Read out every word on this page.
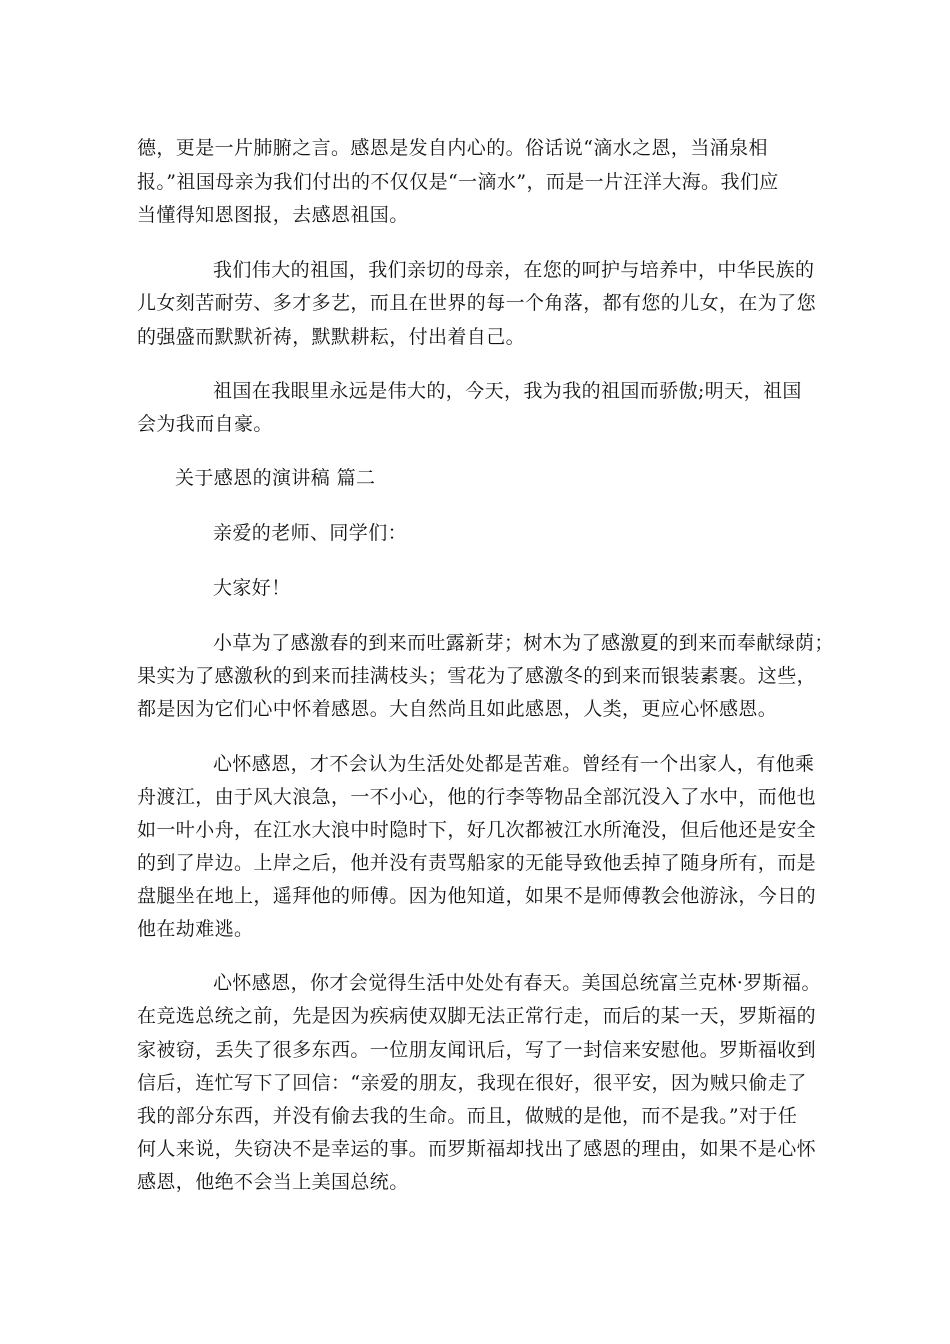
德，更是一片肺腑之言。感恩是发自内心的。俗话说“滴水之恩，当涌泉相
报。”祖国母亲为我们付出的不仅仅是“一滴水”，而是一片汪洋大海。我们应
当懂得知恩图报，去感恩祖国。
我们伟大的祖国，我们亲切的母亲，在您的呵护与培养中，中华民族的
儿女刻苦耐劳、多才多艺，而且在世界的每一个角落，都有您的儿女，在为了您
的强盛而默默祈祷，默默耕耘，付出着自己。
祖国在我眼里永远是伟大的，今天，我为我的祖国而骄傲;明天，祖国
会为我而自豪。
关于感恩的演讲稿 篇二
亲爱的老师、同学们：
大家好！
小草为了感激春的到来而吐露新芽；树木为了感激夏的到来而奉献绿荫；
果实为了感激秋的到来而挂满枝头；雪花为了感激冬的到来而银装素裹。这些，
都是因为它们心中怀着感恩。大自然尚且如此感恩，人类，更应心怀感恩。
心怀感恩，才不会认为生活处处都是苦难。曾经有一个出家人，有他乘
舟渡江，由于风大浪急，一不小心，他的行李等物品全部沉没入了水中，而他也
如一叶小舟，在江水大浪中时隐时下，好几次都被江水所淹没，但后他还是安全
的到了岸边。上岸之后，他并没有责骂船家的无能导致他丢掉了随身所有，而是
盘腿坐在地上，遥拜他的师傅。因为他知道，如果不是师傅教会他游泳，今日的
他在劫难逃。
心怀感恩，你才会觉得生活中处处有春天。美国总统富兰克林·罗斯福。
在竞选总统之前，先是因为疾病使双脚无法正常行走，而后的某一天，罗斯福的
家被窃，丢失了很多东西。一位朋友闻讯后，写了一封信来安慰他。罗斯福收到
信后，连忙写下了回信：“亲爱的朋友，我现在很好，很平安，因为贼只偷走了
我的部分东西，并没有偷去我的生命。而且，做贼的是他，而不是我。”对于任
何人来说，失窃决不是幸运的事。而罗斯福却找出了感恩的理由，如果不是心怀
感恩，他绝不会当上美国总统。
